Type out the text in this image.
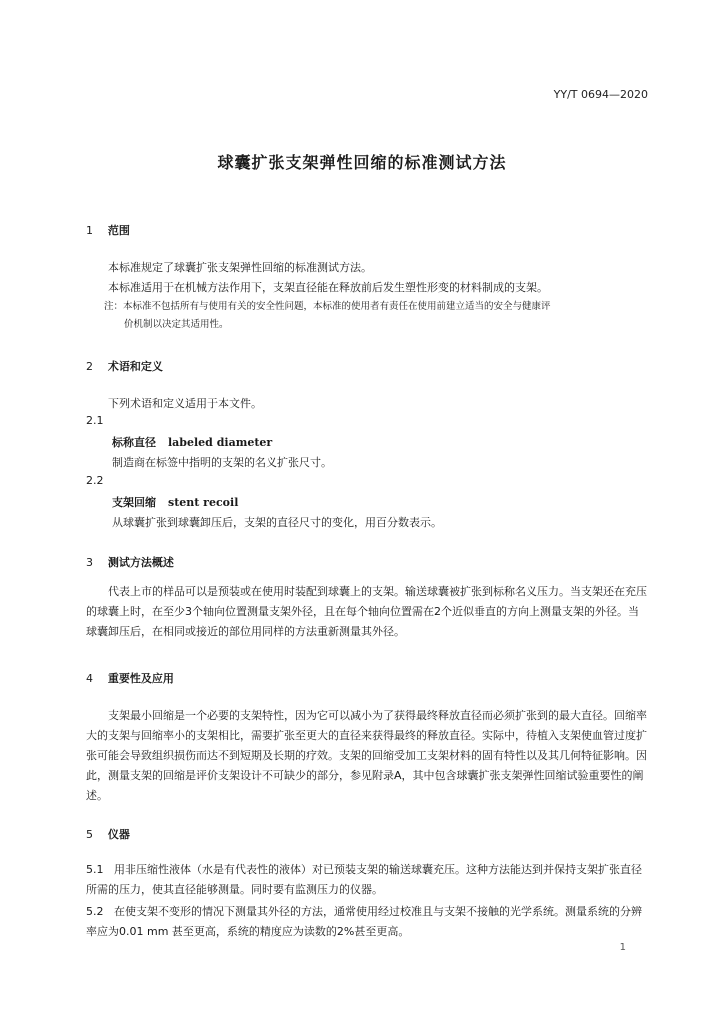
YY/T 0694—2020
球囊扩张支架弹性回缩的标准测试方法
1 范围

本标准规定了球囊扩张支架弹性回缩的标准测试方法。

本标准适用于在机械方法作用下，支架直径能在释放前后发生塑性形变的材料制成的支架。

注：本标准不包括所有与使用有关的安全性问题，本标准的使用者有责任在使用前建立适当的安全与健康评
价机制以决定其适用性。
2 术语和定义

下列术语和定义适用于本文件。

2.1
标称直径 labeled diameter
制造商在标签中指明的支架的名义扩张尺寸。
2.2
支架回缩 stent recoil
从球囊扩张到球囊卸压后，支架的直径尺寸的变化，用百分数表示。
3 测试方法概述

代表上市的样品可以是预装或在使用时装配到球囊上的支架。输送球囊被扩张到标称名义压力。当支架还在充压的球囊上时，在至少3个轴向位置测量支架外径，且在每个轴向位置需在2个近似垂直的方向上测量支架的外径。当球囊卸压后，在相同或接近的部位用同样的方法重新测量其外径。

4 重要性及应用

支架最小回缩是一个必要的支架特性，因为它可以减小为了获得最终释放直径而必须扩张到的最大直径。回缩率大的支架与回缩率小的支架相比，需要扩张至更大的直径来获得最终的释放直径。实际中，待植入支架使血管过度扩张可能会导致组织损伤而达不到短期及长期的疗效。支架的回缩受加工支架材料的固有特性以及其几何特征影响。因此，测量支架的回缩是评价支架设计不可缺少的部分，参见附录A，其中包含球囊扩张支架弹性回缩试验重要性的阐述。

5 仪器

5.1 用非压缩性液体（水是有代表性的液体）对已预装支架的输送球囊充压。这种方法能达到并保持支架扩张直径所需的压力，使其直径能够测量。同时要有监测压力的仪器。

5.2 在使支架不变形的情况下测量其外径的方法，通常使用经过校准且与支架不接触的光学系统。测量系统的分辨率应为0.01 mm 甚至更高，系统的精度应为读数的2%甚至更高。

1
